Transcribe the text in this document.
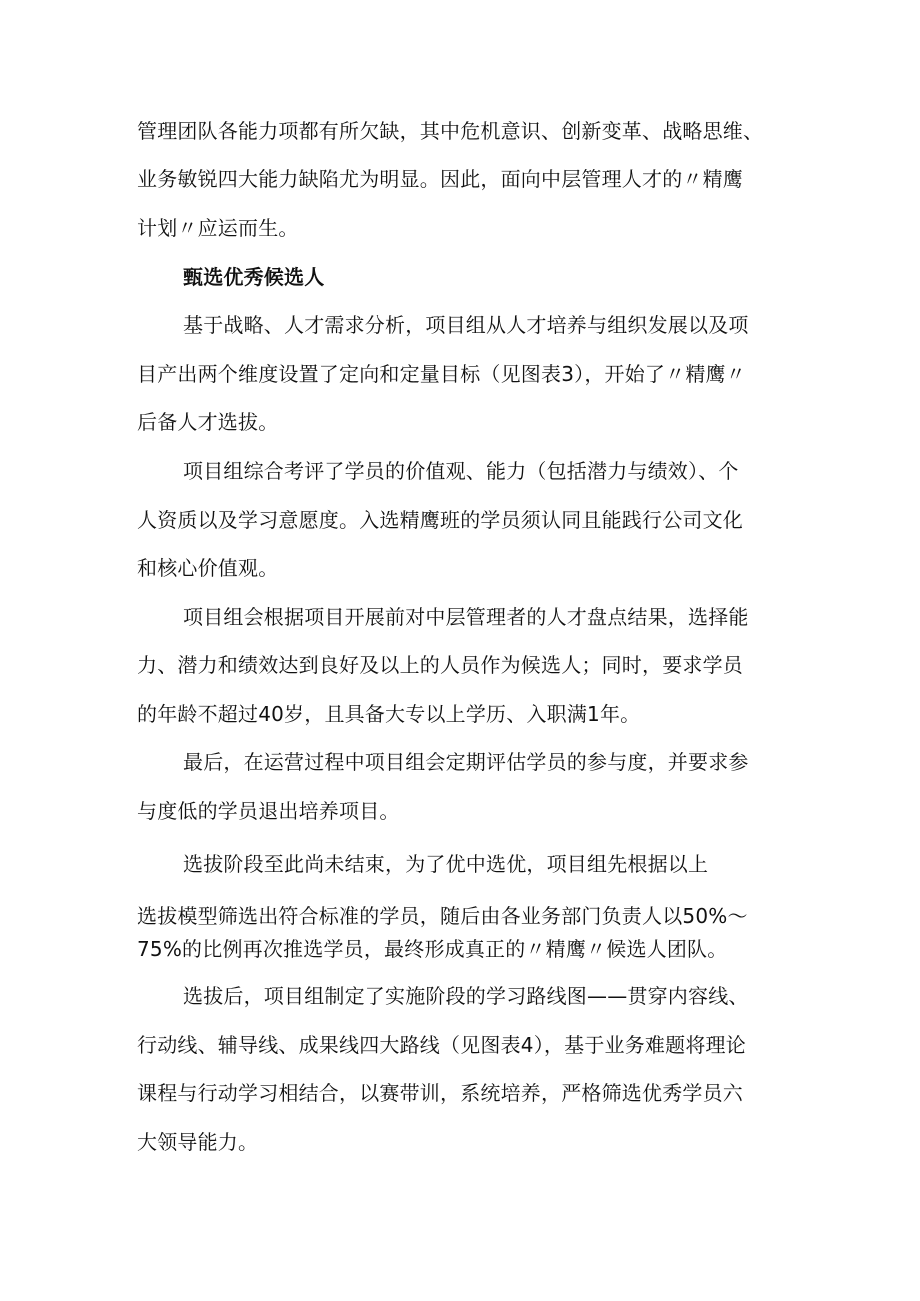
管理团队各能力项都有所欠缺，其中危机意识、创新变革、战略思维、
业务敏锐四大能力缺陷尤为明显。因此，面向中层管理人才的〃精鹰
计划〃应运而生。
甄选优秀候选人
基于战略、人才需求分析，项目组从人才培养与组织发展以及项
目产出两个维度设置了定向和定量目标（见图表3），开始了〃精鹰〃
后备人才选拔。
项目组综合考评了学员的价值观、能力（包括潜力与绩效）、个
人资质以及学习意愿度。入选精鹰班的学员须认同且能践行公司文化
和核心价值观。
项目组会根据项目开展前对中层管理者的人才盘点结果，选择能
力、潜力和绩效达到良好及以上的人员作为候选人；同时，要求学员
的年龄不超过40岁，且具备大专以上学历、入职满1年。
最后，在运营过程中项目组会定期评估学员的参与度，并要求参
与度低的学员退出培养项目。
选拔阶段至此尚未结束，为了优中选优，项目组先根据以上
选拔模型筛选出符合标准的学员，随后由各业务部门负责人以50%～
75%的比例再次推选学员，最终形成真正的〃精鹰〃候选人团队。
选拔后，项目组制定了实施阶段的学习路线图——贯穿内容线、
行动线、辅导线、成果线四大路线（见图表4），基于业务难题将理论
课程与行动学习相结合，以赛带训，系统培养，严格筛选优秀学员六
大领导能力。
